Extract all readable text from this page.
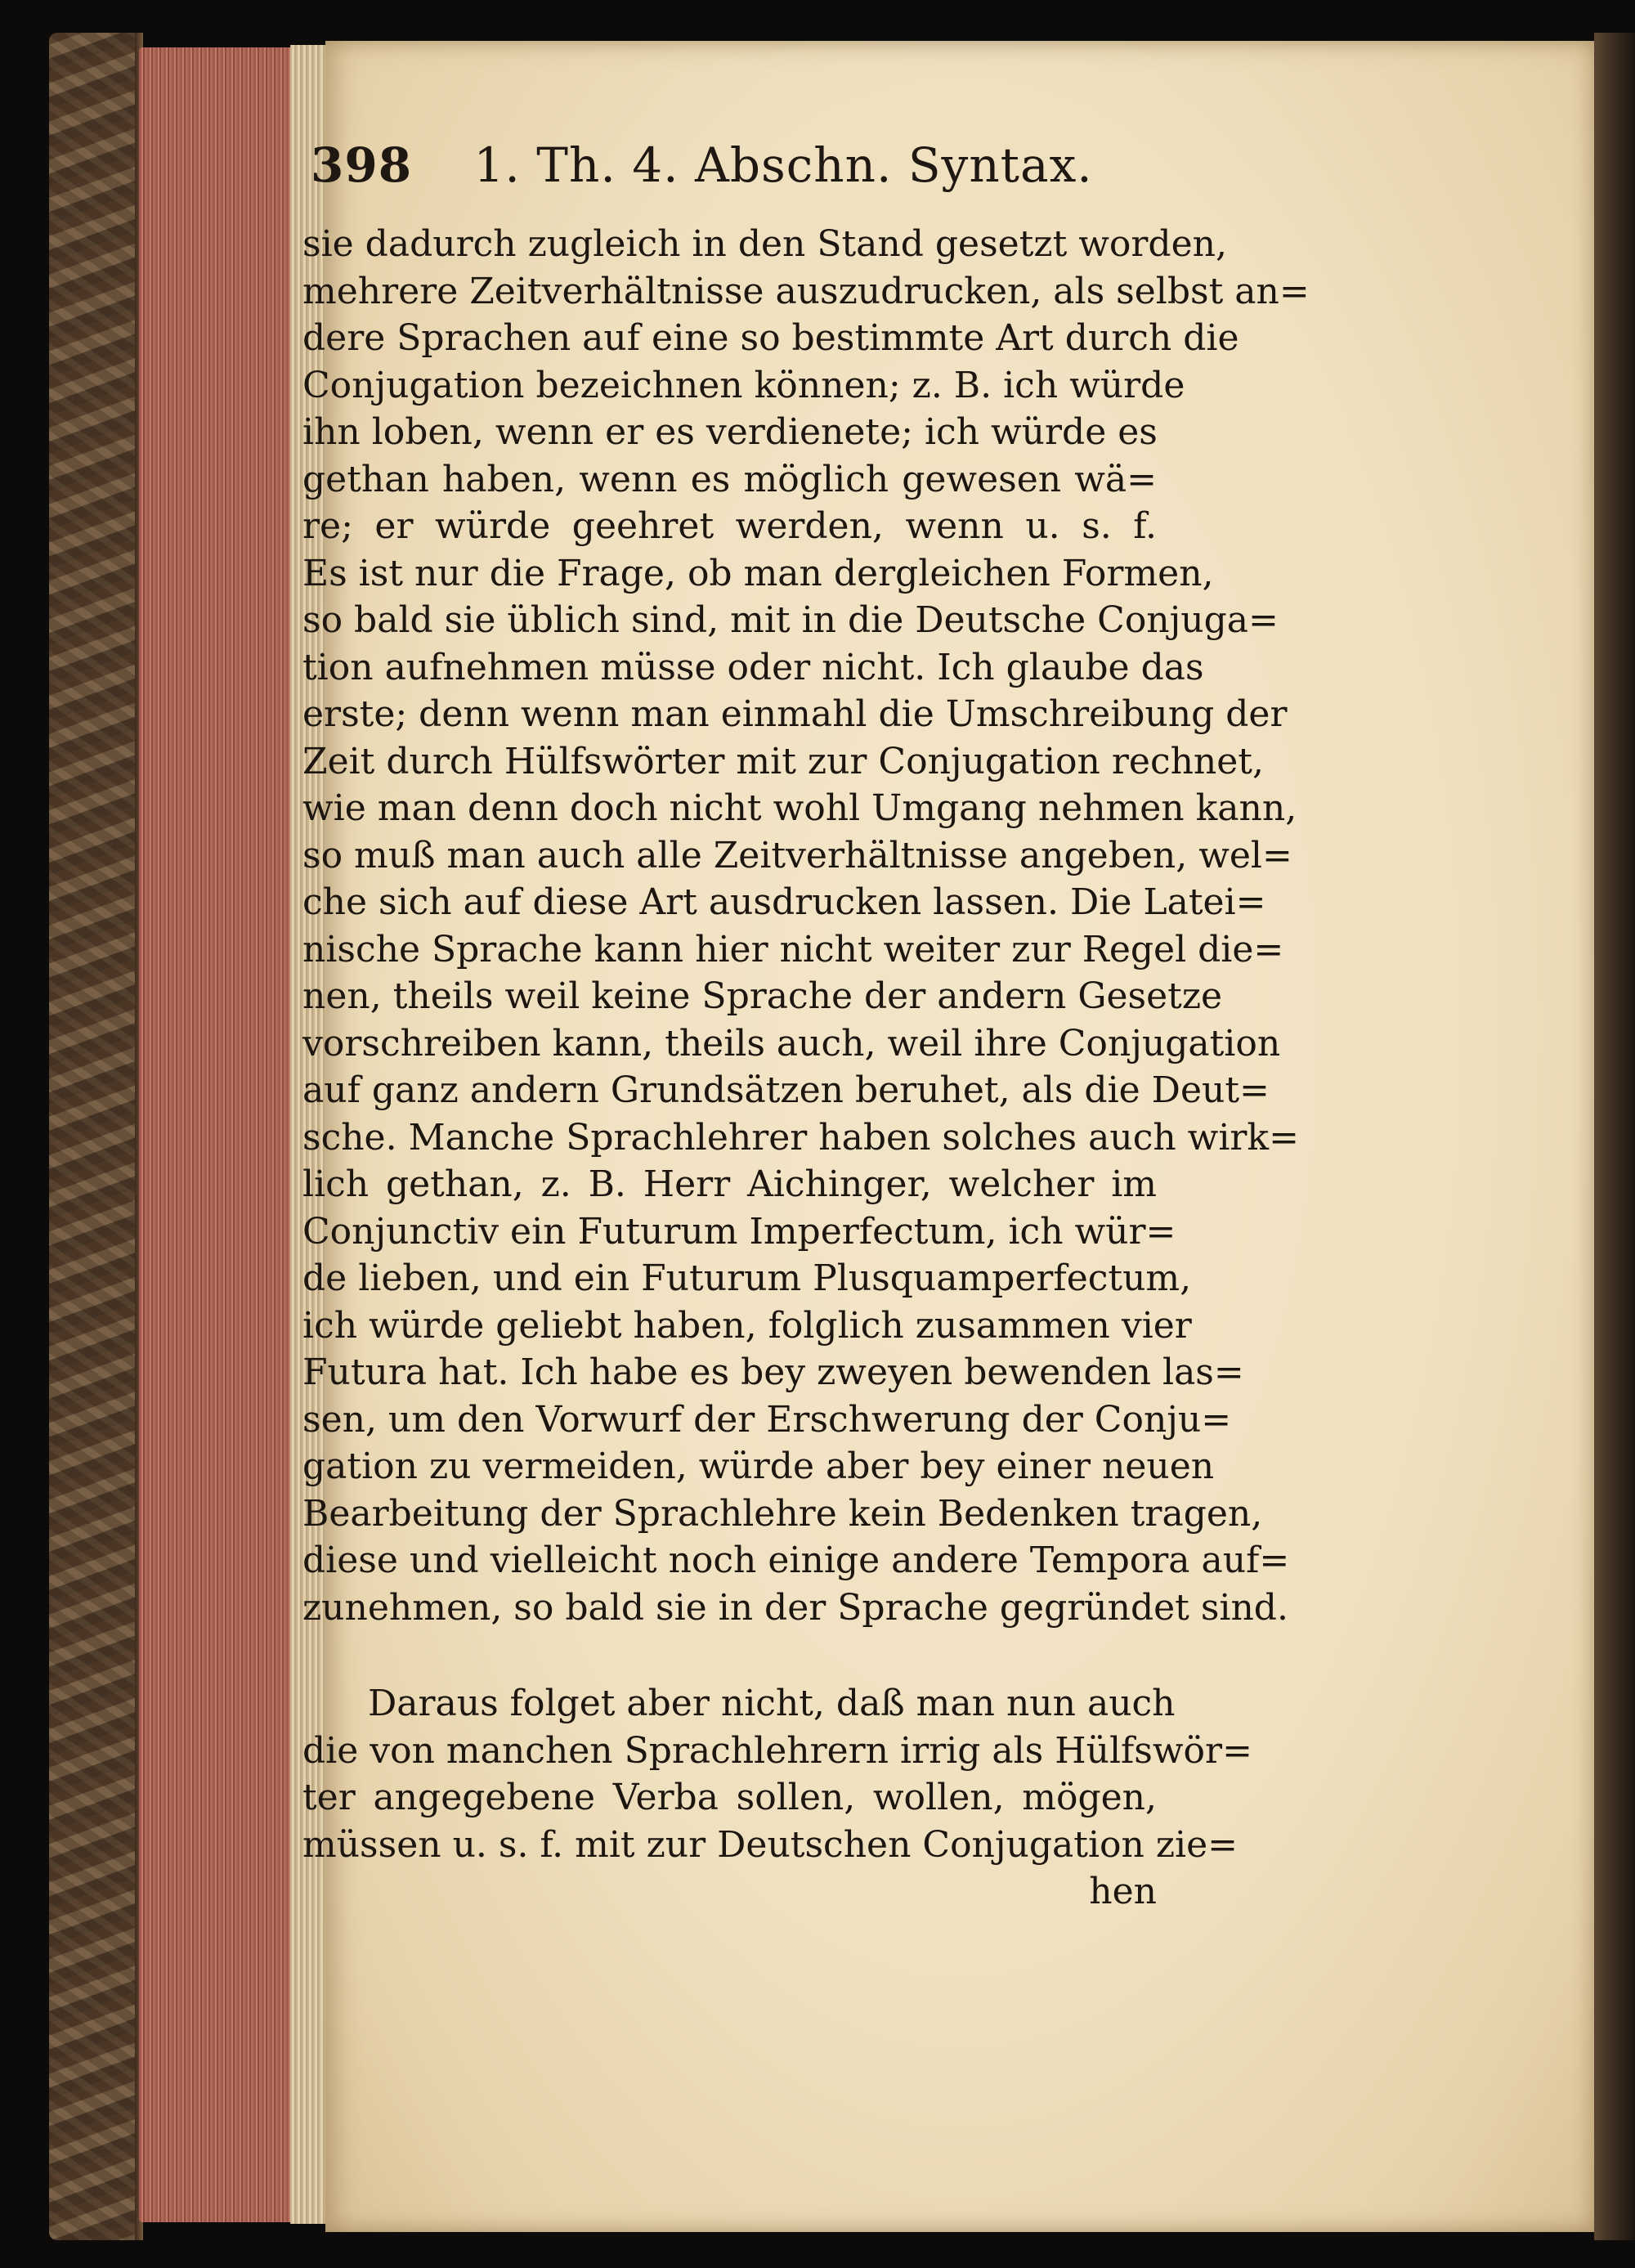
398 1. Th. 4. Abschn. Syntax.
sie dadurch zugleich in den Stand gesetzt worden,
mehrere Zeitverhältnisse auszudrucken, als selbst an=
dere Sprachen auf eine so bestimmte Art durch die
Conjugation bezeichnen können; z. B. ich würde
ihn loben, wenn er es verdienete; ich würde es
gethan haben, wenn es möglich gewesen wä=
re; er würde geehret werden, wenn u. s. f.
Es ist nur die Frage, ob man dergleichen Formen,
so bald sie üblich sind, mit in die Deutsche Conjuga=
tion aufnehmen müsse oder nicht. Ich glaube das
erste; denn wenn man einmahl die Umschreibung der
Zeit durch Hülfswörter mit zur Conjugation rechnet,
wie man denn doch nicht wohl Umgang nehmen kann,
so muß man auch alle Zeitverhältnisse angeben, wel=
che sich auf diese Art ausdrucken lassen. Die Latei=
nische Sprache kann hier nicht weiter zur Regel die=
nen, theils weil keine Sprache der andern Gesetze
vorschreiben kann, theils auch, weil ihre Conjugation
auf ganz andern Grundsätzen beruhet, als die Deut=
sche. Manche Sprachlehrer haben solches auch wirk=
lich gethan, z. B. Herr Aichinger, welcher im
Conjunctiv ein Futurum Imperfectum, ich wür=
de lieben, und ein Futurum Plusquamperfectum,
ich würde geliebt haben, folglich zusammen vier
Futura hat. Ich habe es bey zweyen bewenden las=
sen, um den Vorwurf der Erschwerung der Conju=
gation zu vermeiden, würde aber bey einer neuen
Bearbeitung der Sprachlehre kein Bedenken tragen,
diese und vielleicht noch einige andere Tempora auf=
zunehmen, so bald sie in der Sprache gegründet sind.
Daraus folget aber nicht, daß man nun auch
die von manchen Sprachlehrern irrig als Hülfswör=
ter angegebene Verba sollen, wollen, mögen,
müssen u. s. f. mit zur Deutschen Conjugation zie=
hen
